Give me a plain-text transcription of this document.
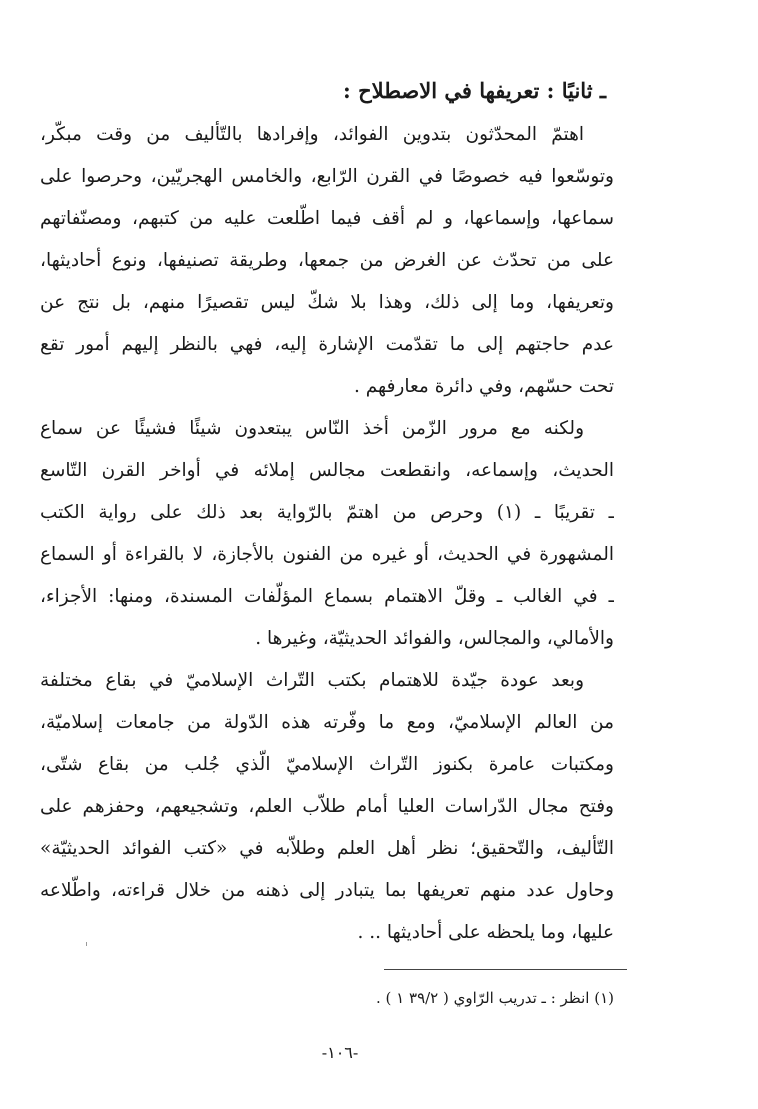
ـ ثانيًا : تعريفها في الاصطلاح :
اهتمّ المحدّثون بتدوين الفوائد، وإفرادها بالتّأليف من وقت مبكّر،
وتوسّعوا فيه خصوصًا في القرن الرّابع، والخامس الهجريّين، وحرصوا على
سماعها، وإسماعها، و لم أقف فيما اطّلعت عليه من كتبهم، ومصنّفاتهم
على من تحدّث عن الغرض من جمعها، وطريقة تصنيفها، ونوع أحاديثها،
وتعريفها، وما إلى ذلك، وهذا بلا شكّ ليس تقصيرًا منهم، بل نتج عن
عدم حاجتهم إلى ما تقدّمت الإشارة إليه، فهي بالنظر إليهم أمور تقع
تحت حسّهم، وفي دائرة معارفهم .
ولكنه مع مرور الزّمن أخذ النّاس يبتعدون شيئًا فشيئًا عن سماع
الحديث، وإسماعه، وانقطعت مجالس إملائه في أواخر القرن التّاسع
ـ تقريبًا ـ (١) وحرص من اهتمّ بالرّواية بعد ذلك على رواية الكتب
المشهورة في الحديث، أو غيره من الفنون بالأجازة، لا بالقراءة أو السماع
ـ في الغالب ـ وقلّ الاهتمام بسماع المؤلّفات المسندة، ومنها: الأجزاء،
والأمالي، والمجالس، والفوائد الحديثيّة، وغيرها .
وبعد عودة جيّدة للاهتمام بكتب التّراث الإسلاميّ في بقاع مختلفة
من العالم الإسلاميّ، ومع ما وفّرته هذه الدّولة من جامعات إسلاميّة،
ومكتبات عامرة بكنوز التّراث الإسلاميّ الّذي جُلب من بقاع شتّى،
وفتح مجال الدّراسات العليا أمام طلاّب العلم، وتشجيعهم، وحفزهم على
التّأليف، والتّحقيق؛ نظر أهل العلم وطلاّبه في «كتب الفوائد الحديثيّة»
وحاول عدد منهم تعريفها بما يتبادر إلى ذهنه من خلال قراءته، واطّلاعه
عليها، وما يلحظه على أحاديثها .. .
(١) انظر : ـ تدريب الرّاوي ( ٣٩/٢ ١ ) .
-١٠٦-
